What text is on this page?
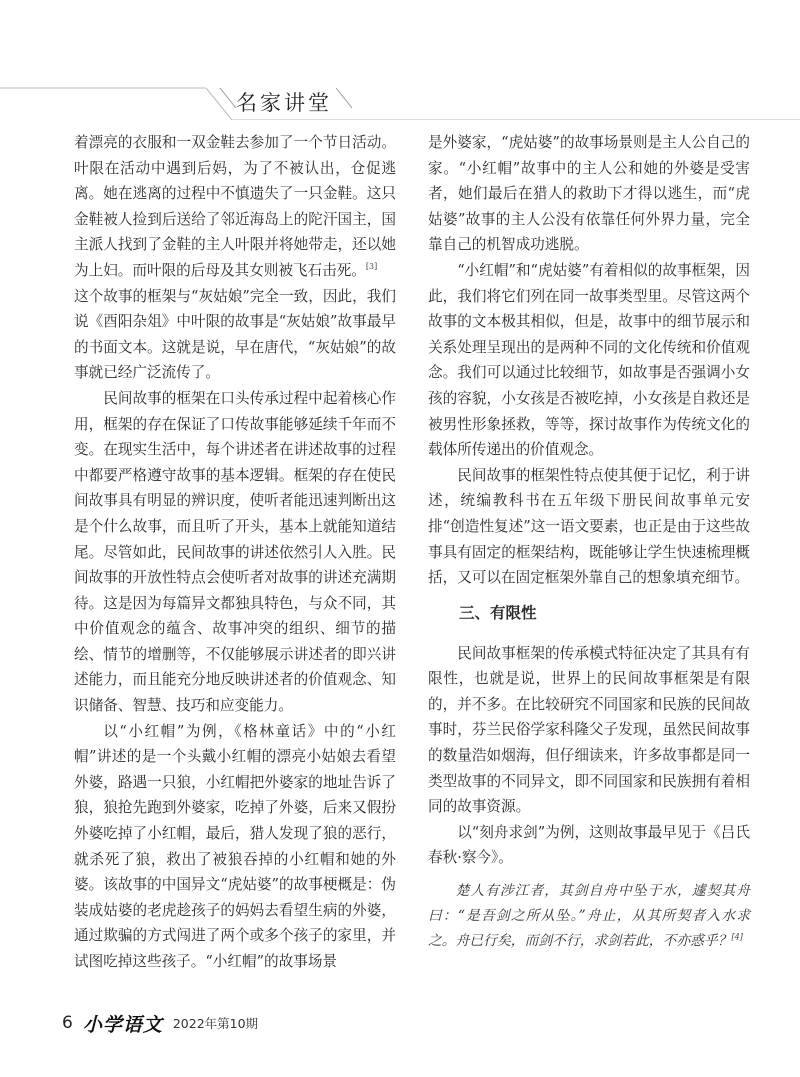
名家讲堂

着漂亮的衣服和一双金鞋去参加了一个节日活动。叶限在活动中遇到后妈，为了不被认出，仓促逃离。她在逃离的过程中不慎遗失了一只金鞋。这只金鞋被人捡到后送给了邻近海岛上的陀汗国主，国主派人找到了金鞋的主人叶限并将她带走，还以她为上妇。而叶限的后母及其女则被飞石击死。[3]

这个故事的框架与“灰姑娘”完全一致，因此，我们说《酉阳杂俎》中叶限的故事是“灰姑娘”故事最早的书面文本。这就是说，早在唐代，“灰姑娘”的故事就已经广泛流传了。

民间故事的框架在口头传承过程中起着核心作用，框架的存在保证了口传故事能够延续千年而不变。在现实生活中，每个讲述者在讲述故事的过程中都要严格遵守故事的基本逻辑。框架的存在使民间故事具有明显的辨识度，使听者能迅速判断出这是个什么故事，而且听了开头，基本上就能知道结尾。尽管如此，民间故事的讲述依然引人入胜。民间故事的开放性特点会使听者对故事的讲述充满期待。这是因为每篇异文都独具特色，与众不同，其中价值观念的蕴含、故事冲突的组织、细节的描绘、情节的增删等，不仅能够展示讲述者的即兴讲述能力，而且能充分地反映讲述者的价值观念、知识储备、智慧、技巧和应变能力。

以“小红帽”为例，《格林童话》中的“小红帽”讲述的是一个头戴小红帽的漂亮小姑娘去看望外婆，路遇一只狼，小红帽把外婆家的地址告诉了狼，狼抢先跑到外婆家，吃掉了外婆，后来又假扮外婆吃掉了小红帽，最后，猎人发现了狼的恶行，就杀死了狼，救出了被狼吞掉的小红帽和她的外婆。该故事的中国异文“虎姑婆”的故事梗概是：伪装成姑婆的老虎趁孩子的妈妈去看望生病的外婆，通过欺骗的方式闯进了两个或多个孩子的家里，并试图吃掉这些孩子。“小红帽”的故事场景

是外婆家，“虎姑婆”的故事场景则是主人公自己的家。“小红帽”故事中的主人公和她的外婆是受害者，她们最后在猎人的救助下才得以逃生，而“虎姑婆”故事的主人公没有依靠任何外界力量，完全靠自己的机智成功逃脱。

“小红帽”和“虎姑婆”有着相似的故事框架，因此，我们将它们列在同一故事类型里。尽管这两个故事的文本极其相似，但是，故事中的细节展示和关系处理呈现出的是两种不同的文化传统和价值观念。我们可以通过比较细节，如故事是否强调小女孩的容貌，小女孩是否被吃掉，小女孩是自救还是被男性形象拯救，等等，探讨故事作为传统文化的载体所传递出的价值观念。

民间故事的框架性特点使其便于记忆，利于讲述，统编教科书在五年级下册民间故事单元安排“创造性复述”这一语文要素，也正是由于这些故事具有固定的框架结构，既能够让学生快速梳理概括，又可以在固定框架外靠自己的想象填充细节。

三、有限性

民间故事框架的传承模式特征决定了其具有有限性，也就是说，世界上的民间故事框架是有限的，并不多。在比较研究不同国家和民族的民间故事时，芬兰民俗学家科隆父子发现，虽然民间故事的数量浩如烟海，但仔细读来，许多故事都是同一类型故事的不同异文，即不同国家和民族拥有着相同的故事资源。

以“刻舟求剑”为例，这则故事最早见于《吕氏春秋·察今》。

楚人有涉江者，其剑自舟中坠于水，遽契其舟曰：“是吾剑之所从坠。”舟止，从其所契者入水求之。舟已行矣，而剑不行，求剑若此，不亦惑乎？[4]

6 小学语文 2022年第10期
